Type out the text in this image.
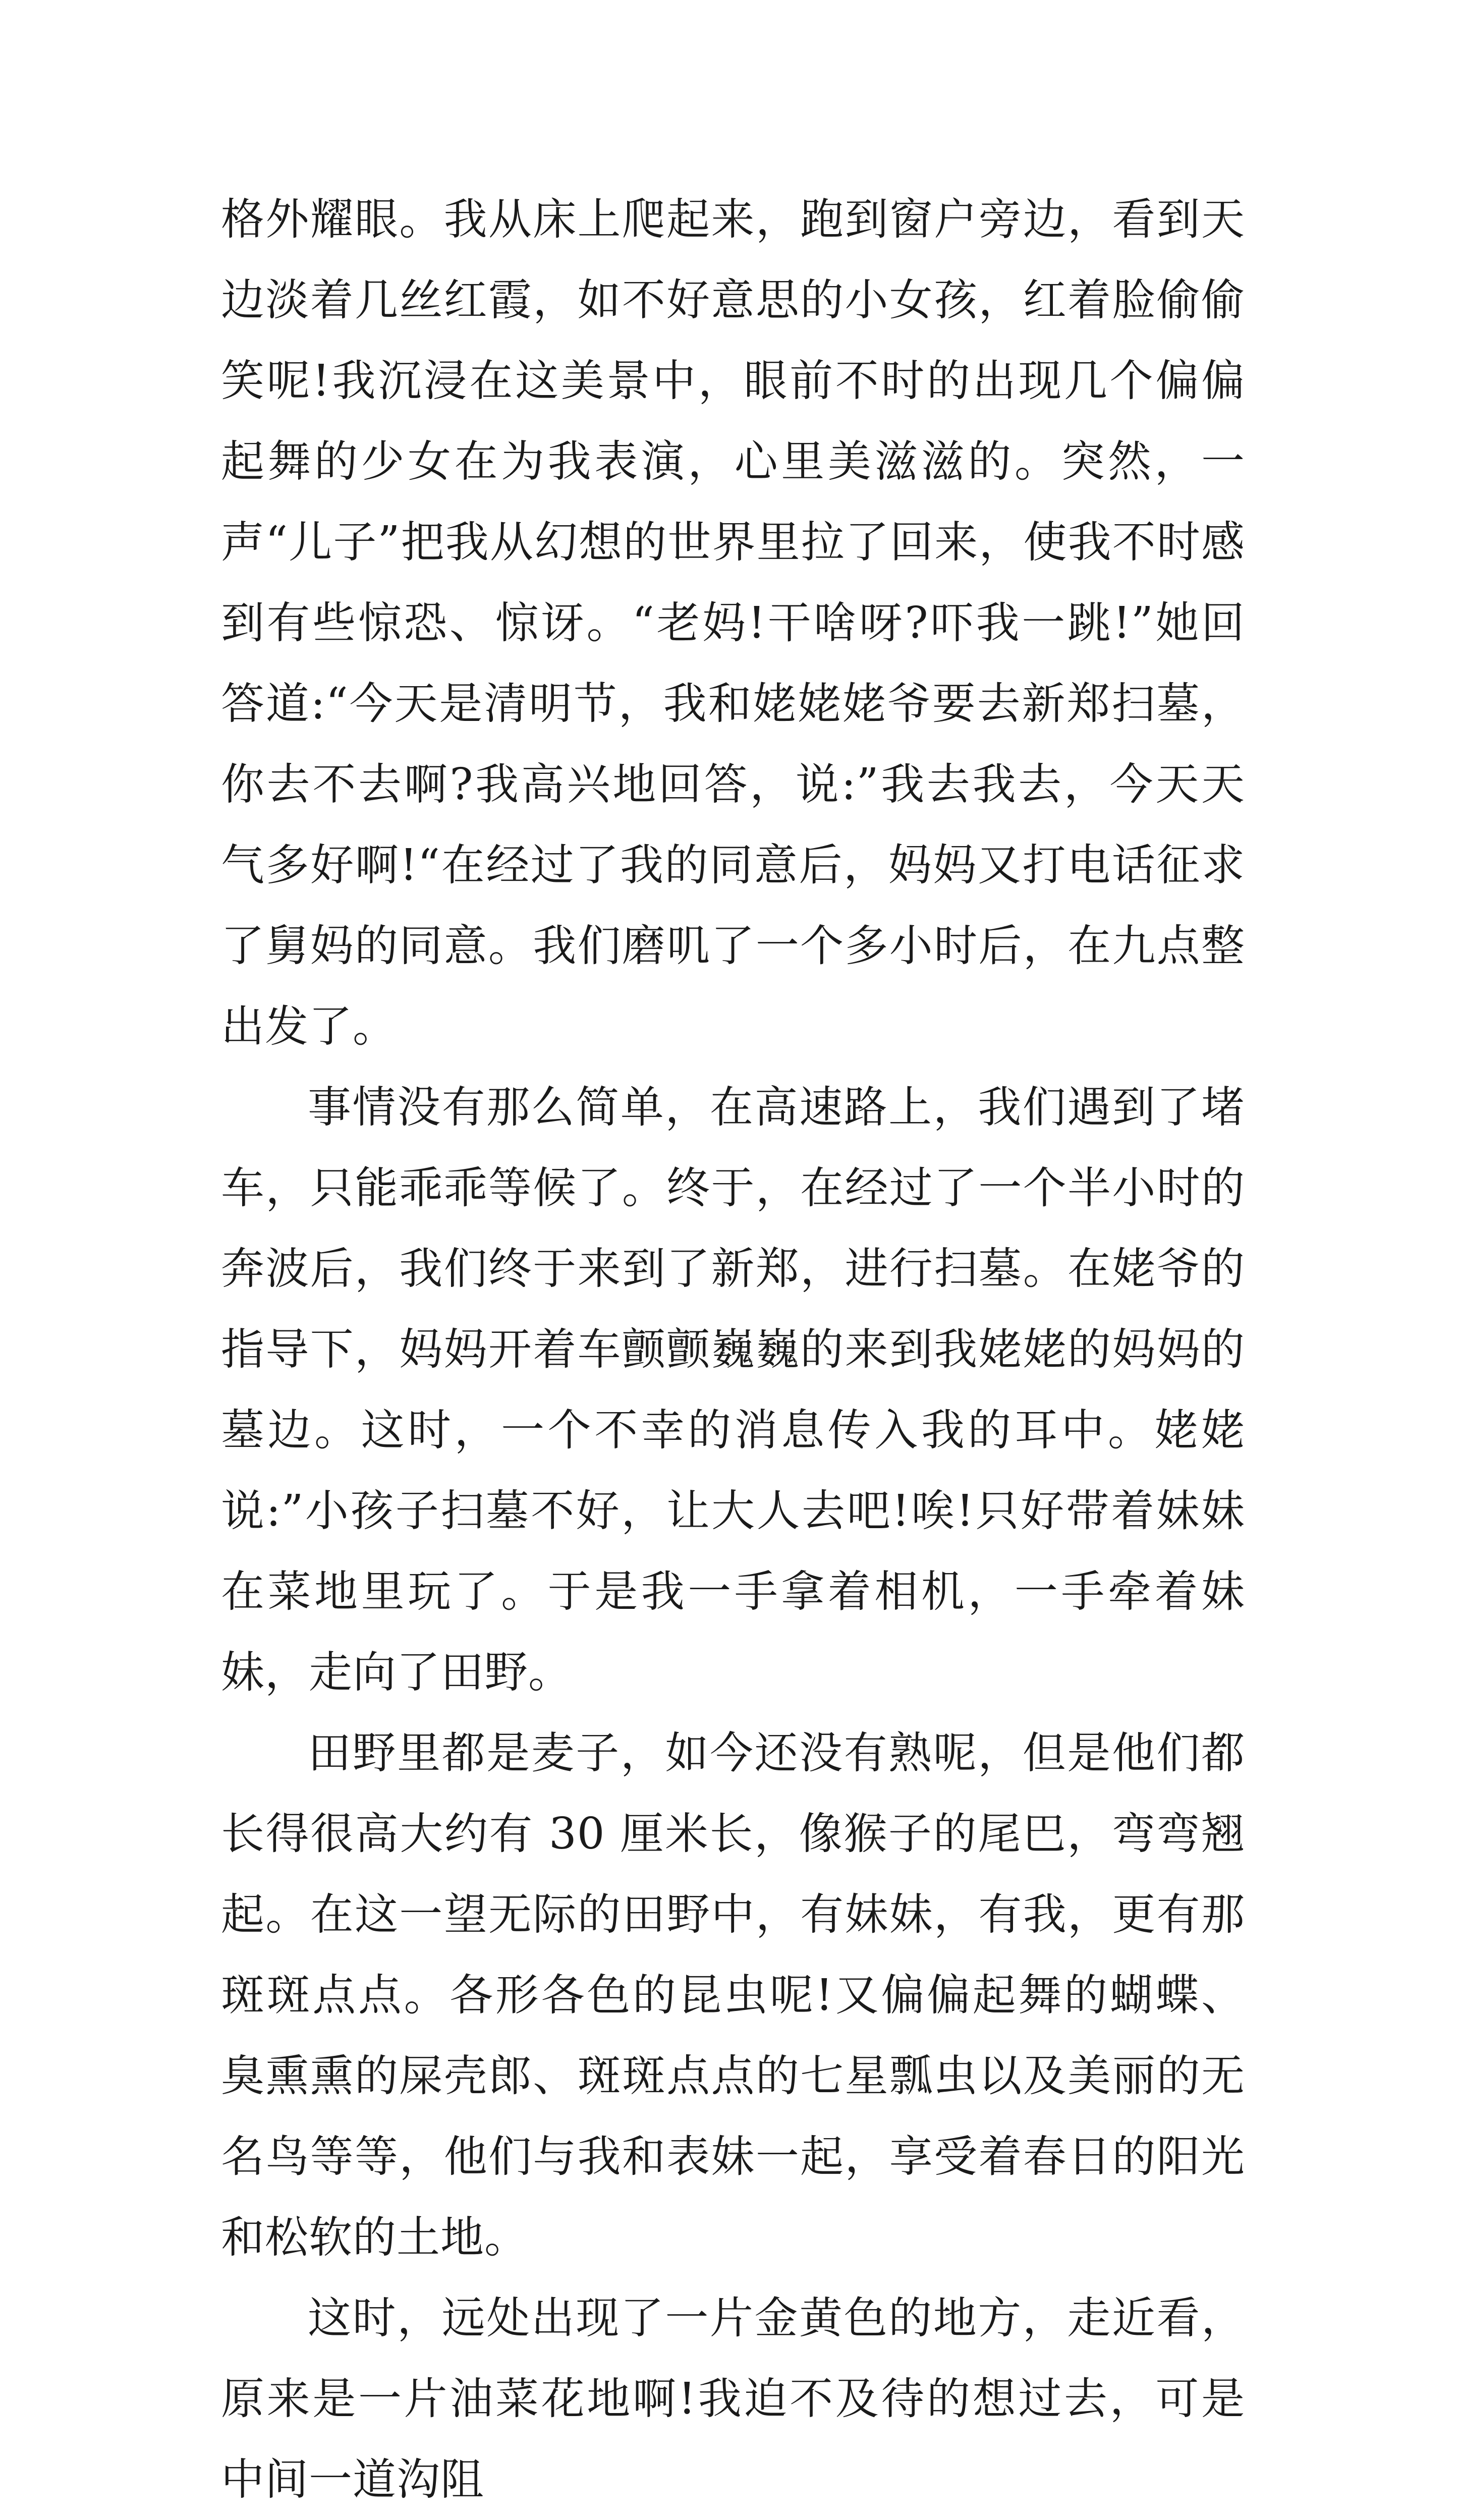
格外耀眼。我从床上爬起来，跑到窗户旁边，看到天边淡着几丝红霞，如不好意思的小女孩，红着脸偷偷笑呢!我沉浸在这美景中，眼前不时的出现几个偏偏起舞的少女在为我表演，心里美滋滋的。突然，一声“儿子”把我从幻想的世界里拉了回来，使我不时感到有些惊恐、惊讶。“老妈!干啥呀?吓我一跳!”她回答道:“今天是清明节，我和姥姥姥爷要去新郑扫墓，你去不去啊?我高兴地回答，说:”我去我去，今天天气多好啊!“在经过了我的同意后，妈妈又打电话征求了舅妈的同意。我们磨叽了一个多小时后，在九点整出发了。

事情没有那么简单，在高速路上，我们遇到了堵车，只能乖乖等候了。终于，在经过了一个半小时的奔波后，我们终于来到了新郑，进行扫墓。在姥爷的指导下，妈妈开着车颤颤巍巍的来到我姥姥的妈妈的墓边。这时，一个不幸的消息传入我的耳中。姥姥说:”小孩子扫墓不好，让大人去吧!唉!只好带着妹妹在菜地里玩了。于是我一手拿着相机，一手牵着妹妹，走向了田野。

田野里都是麦子，如今还没有熟呢，但是他们都长得很高大约有 30 厘米长，像猴子的尾巴，弯弯翘起。在这一望无际的田野中，有妹妹，有我，更有那斑斑点点。各形各色的昆虫呢!又偏偏起舞的蝴蝶、臭熏熏的屎壳郎、斑斑点点的七星瓢虫以及美丽的无名鸟等等，他们与我和表妹一起，享受着春日的阳光和松软的土地。

这时，远处出现了一片金黄色的地方，走近看，原来是一片油菜花地啊!我迫不及待的想过去，可是中间一道沟阻
